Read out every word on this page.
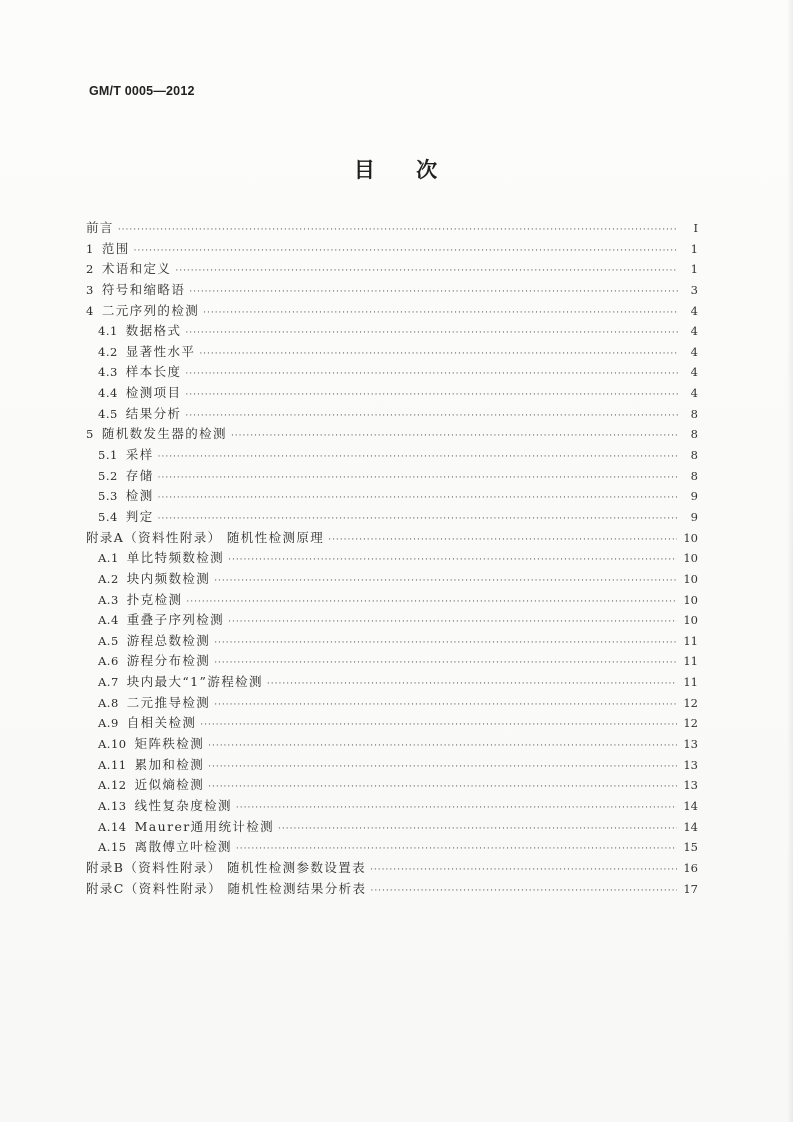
GM/T 0005—2012
目 次
前言 ·····	Ⅰ
1 范围 ·····	1
2 术语和定义 ·····	1
3 符号和缩略语 ·····	3
4 二元序列的检测 ·····	4
4.1 数据格式 ·····	4
4.2 显著性水平 ·····	4
4.3 样本长度 ·····	4
4.4 检测项目 ·····	4
4.5 结果分析 ·····	8
5 随机数发生器的检测 ·····	8
5.1 采样 ·····	8
5.2 存储 ·····	8
5.3 检测 ·····	9
5.4 判定 ·····	9
附录A（资料性附录） 随机性检测原理 ·····	10
A.1 单比特频数检测 ·····	10
A.2 块内频数检测 ·····	10
A.3 扑克检测 ·····	10
A.4 重叠子序列检测 ·····	10
A.5 游程总数检测 ·····	11
A.6 游程分布检测 ·····	11
A.7 块内最大“1”游程检测 ·····	11
A.8 二元推导检测 ·····	12
A.9 自相关检测 ·····	12
A.10 矩阵秩检测 ·····	13
A.11 累加和检测 ·····	13
A.12 近似熵检测 ·····	13
A.13 线性复杂度检测 ·····	14
A.14 Maurer通用统计检测 ·····	14
A.15 离散傅立叶检测 ·····	15
附录B（资料性附录） 随机性检测参数设置表 ·····	16
附录C（资料性附录） 随机性检测结果分析表 ·····	17
